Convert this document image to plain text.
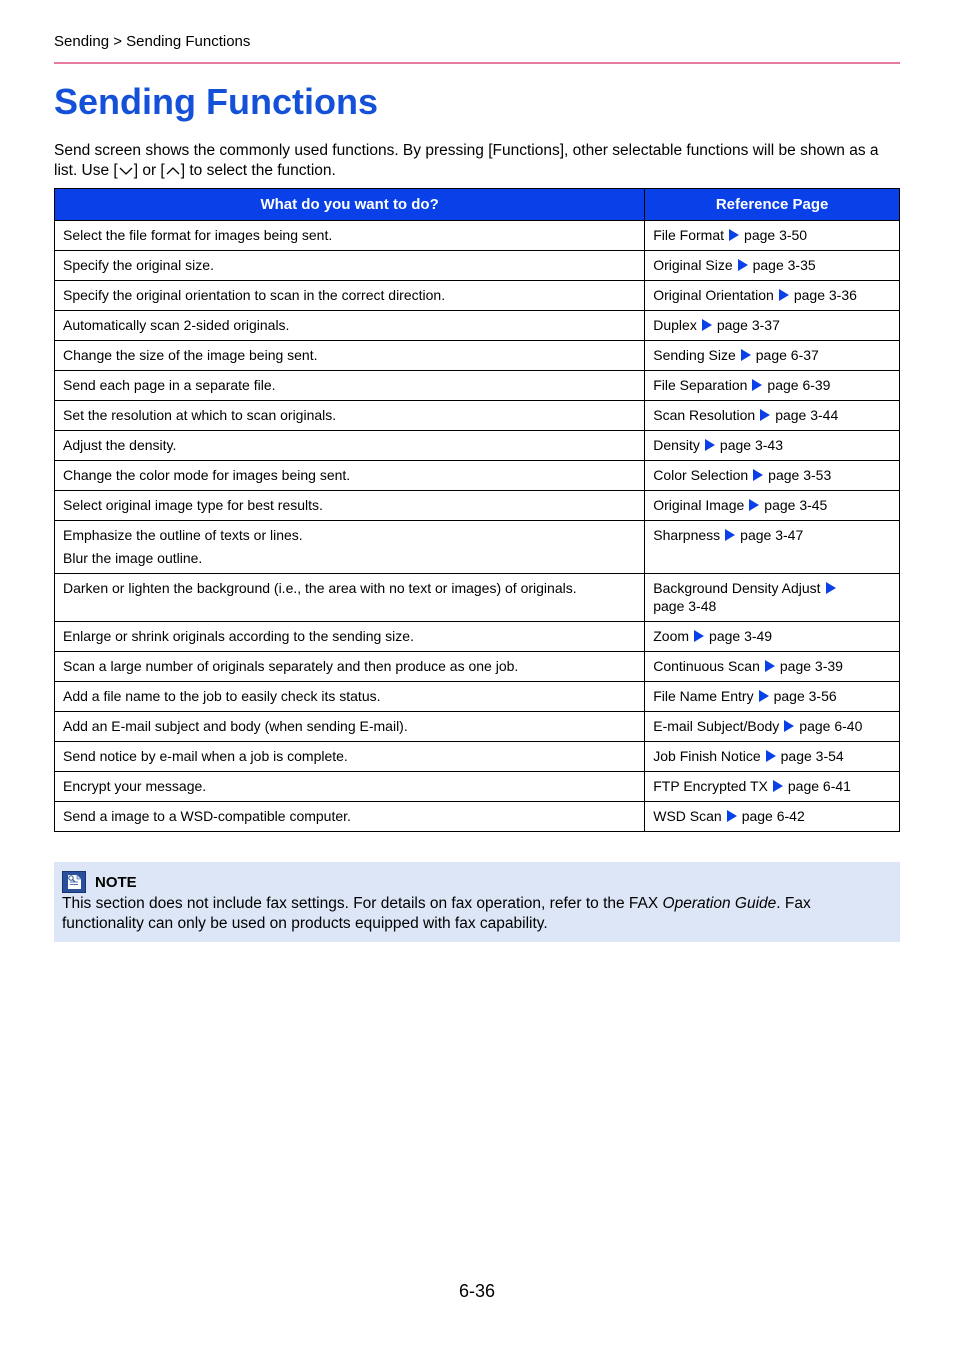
Sending > Sending Functions
Sending Functions

Send screen shows the commonly used functions. By pressing [Functions], other selectable functions will be shown as a list. Use [ ] or [ ] to select the function.

What do you want to do?	Reference Page
Select the file format for images being sent.	File Format page 3-50
Specify the original size.	Original Size page 3-35
Specify the original orientation to scan in the correct direction.	Original Orientation page 3-36
Automatically scan 2-sided originals.	Duplex page 3-37
Change the size of the image being sent.	Sending Size page 6-37
Send each page in a separate file.	File Separation page 6-39
Set the resolution at which to scan originals.	Scan Resolution page 3-44
Adjust the density.	Density page 3-43
Change the color mode for images being sent.	Color Selection page 3-53
Select original image type for best results.	Original Image page 3-45
Emphasize the outline of texts or lines.
Blur the image outline.	Sharpness page 3-47
Darken or lighten the background (i.e., the area with no text or images) of originals.	Background Density Adjust
page 3-48
Enlarge or shrink originals according to the sending size.	Zoom page 3-49
Scan a large number of originals separately and then produce as one job.	Continuous Scan page 3-39
Add a file name to the job to easily check its status.	File Name Entry page 3-56
Add an E-mail subject and body (when sending E-mail).	E-mail Subject/Body page 6-40
Send notice by e-mail when a job is complete.	Job Finish Notice page 3-54
Encrypt your message.	FTP Encrypted TX page 6-41
Send a image to a WSD-compatible computer.	WSD Scan page 6-42
NOTE
This section does not include fax settings. For details on fax operation, refer to the FAX Operation Guide. Fax functionality can only be used on products equipped with fax capability.
6-36
